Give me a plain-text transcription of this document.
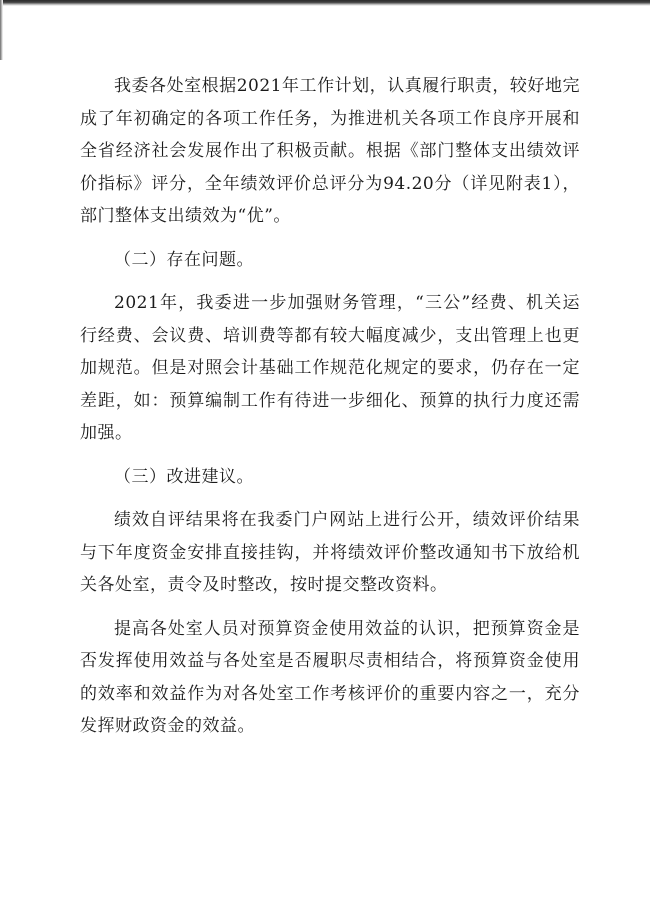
我委各处室根据2021年工作计划，认真履行职责，较好地完成了年初确定的各项工作任务，为推进机关各项工作良序开展和全省经济社会发展作出了积极贡献。根据《部门整体支出绩效评价指标》评分，全年绩效评价总评分为94.20分（详见附表1），部门整体支出绩效为“优”。

（二）存在问题。

2021年，我委进一步加强财务管理，“三公”经费、机关运行经费、会议费、培训费等都有较大幅度减少，支出管理上也更加规范。但是对照会计基础工作规范化规定的要求，仍存在一定差距，如：预算编制工作有待进一步细化、预算的执行力度还需加强。

（三）改进建议。

绩效自评结果将在我委门户网站上进行公开，绩效评价结果与下年度资金安排直接挂钩，并将绩效评价整改通知书下放给机关各处室，责令及时整改，按时提交整改资料。

提高各处室人员对预算资金使用效益的认识，把预算资金是否发挥使用效益与各处室是否履职尽责相结合，将预算资金使用的效率和效益作为对各处室工作考核评价的重要内容之一，充分发挥财政资金的效益。
